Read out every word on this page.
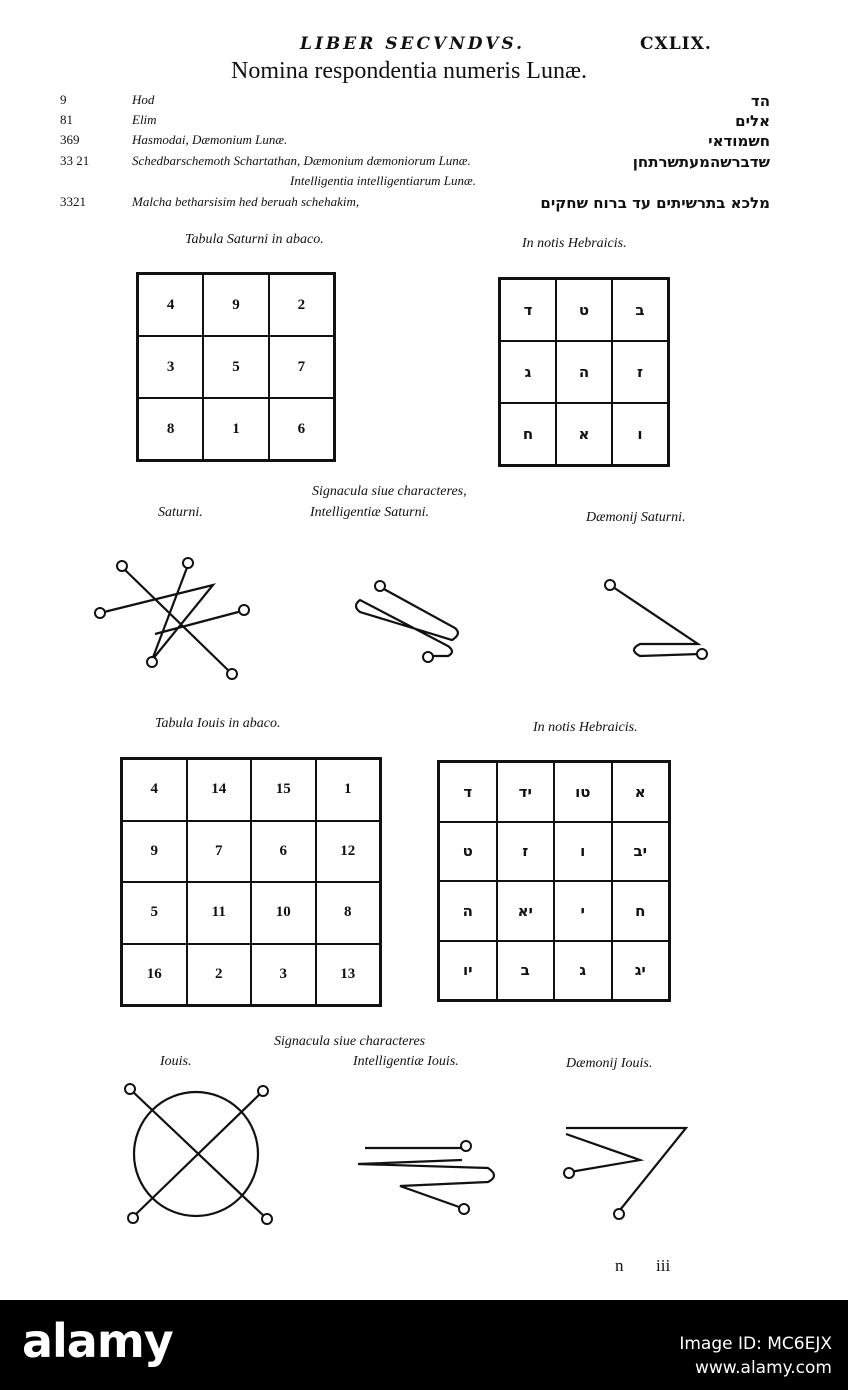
LIBER SECVNDVS.	CXLIX.
Nomina respondentia numeris Lunæ.
9	Hod	הד
81	Elim	אלים
369	Hasmodai, Dæmonium Lunæ.	חשמודאי
33 21	Schedbarschemoth Schartathan, Dæmonium dæmoniorum Lunæ.	שדברשהמעתשרתחן
Intelligentia intelligentiarum Lunæ.
3321	Malcha betharsisim hed beruah schehakim,	מלכא בתרשיתים עד ברוח שחקים
Tabula Saturni in abaco.	In notis Hebraicis.
4	9	2
3	5	7
8	1	6
ד	ט	ב
ג	ה	ז
ח	א	ו
Signacula siue characteres,
Saturni.	Intelligentiæ Saturni.	Dæmonij Saturni.
Tabula Iouis in abaco.	In notis Hebraicis.
4	14	15	1
9	7	6	12
5	11	10	8
16	2	3	13
ד	יד	טו	א
ט	ז	ו	יב
ה	יא	י	ח
יו	ב	ג	יג
Signacula siue characteres
Iouis.	Intelligentiæ Iouis.	Dæmonij Iouis.
n iii
alamy	Image ID: MC6EJX
www.alamy.com
